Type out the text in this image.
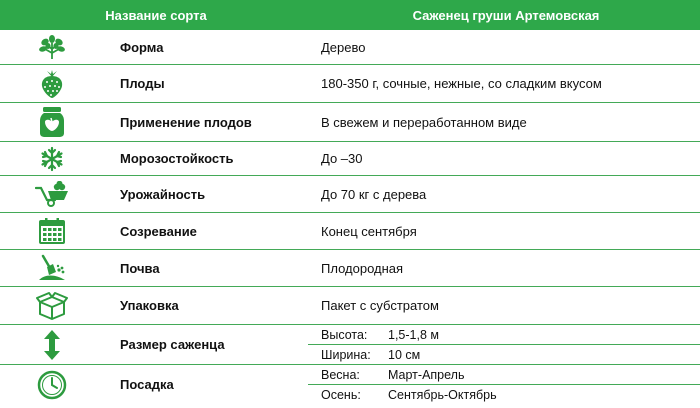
Название сорта	Саженец груши Артемовская
Форма	Дерево
Плоды	180-350 г, сочные, нежные, со сладким вкусом
Применение плодов	В свежем и переработанном виде
Морозостойкость	До –30
Урожайность	До 70 кг с дерева
Созревание	Конец сентября
Почва	Плодородная
Упаковка	Пакет с субстратом
Размер саженца
Высота:	1,5-1,8 м
Ширина:	10 см
Посадка
Весна:	Март-Апрель
Осень:	Сентябрь-Октябрь
